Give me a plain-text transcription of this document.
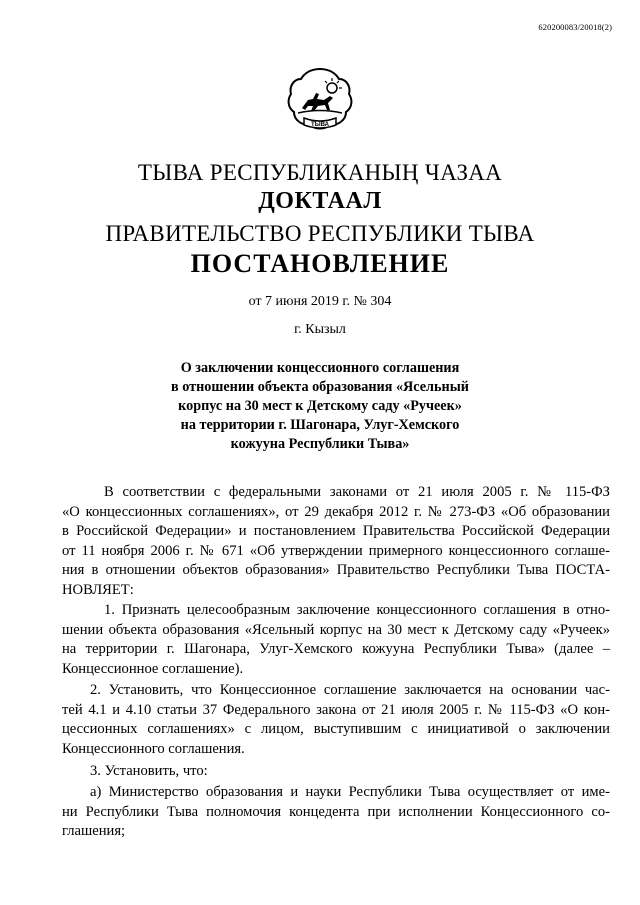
620200083/20018(2)
ТЫВА
ТЫВА РЕСПУБЛИКАНЫҢ ЧАЗАА
ДОКТААЛ
ПРАВИТЕЛЬСТВО РЕСПУБЛИКИ ТЫВА
ПОСТАНОВЛЕНИЕ
от 7 июня 2019 г. № 304
г. Кызыл
О заключении концессионного соглашения
в отношении объекта образования «Ясельный
корпус на 30 мест к Детскому саду «Ручеек»
на территории г. Шагонара, Улуг-Хемского
кожууна Республики Тыва»
В соответствии с федеральными законами от 21 июля 2005 г. № 115-ФЗ
«О концессионных соглашениях», от 29 декабря 2012 г. № 273-ФЗ «Об образовании
в Российской Федерации» и постановлением Правительства Российской Федерации
от 11 ноября 2006 г. № 671 «Об утверждении примерного концессионного соглаше-
ния в отношении объектов образования» Правительство Республики Тыва ПОСТА-
НОВЛЯЕТ:
1. Признать целесообразным заключение концессионного соглашения в отно-
шении объекта образования «Ясельный корпус на 30 мест к Детскому саду «Ручеек»
на территории г. Шагонара, Улуг-Хемского кожууна Республики Тыва» (далее –
Концессионное соглашение).
2. Установить, что Концессионное соглашение заключается на основании час-
тей 4.1 и 4.10 статьи 37 Федерального закона от 21 июля 2005 г. № 115-ФЗ «О кон-
цессионных соглашениях» с лицом, выступившим с инициативой о заключении
Концессионного соглашения.
3. Установить, что:
а) Министерство образования и науки Республики Тыва осуществляет от име-
ни Республики Тыва полномочия концедента при исполнении Концессионного со-
глашения;
